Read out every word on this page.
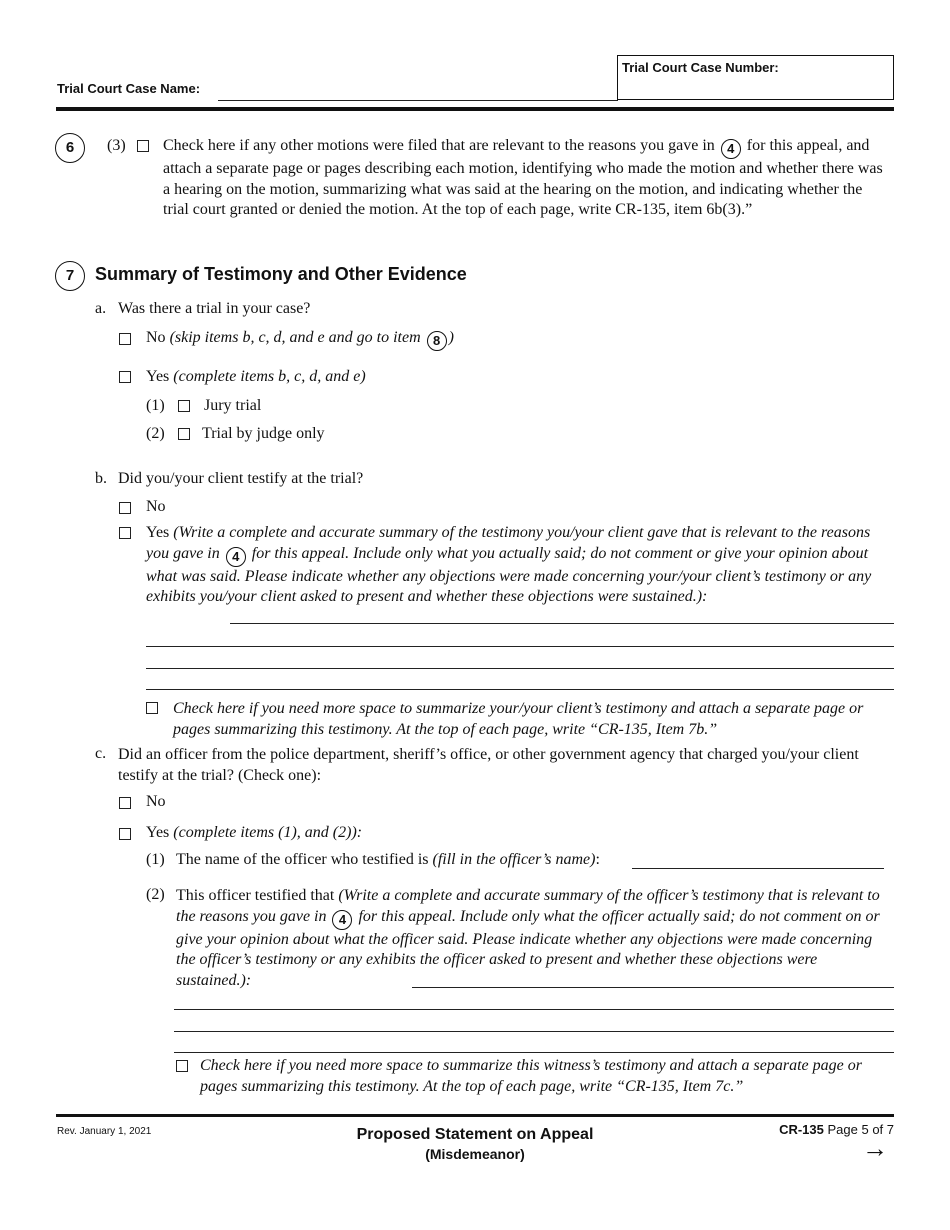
Trial Court Case Number:
Trial Court Case Name:
6	(3) Check here if any other motions were filed that are relevant to the reasons you gave in 4 for this appeal, and attach a separate page or pages describing each motion, identifying who made the motion and whether there was a hearing on the motion, summarizing what was said at the hearing on the motion, and indicating whether the trial court granted or denied the motion. At the top of each page, write CR-135, item 6b(3).”
7	Summary of Testimony and Other Evidence
a. Was there a trial in your case?
No (skip items b, c, d, and e and go to item 8 )
Yes (complete items b, c, d, and e)
(1) Jury trial
(2) Trial by judge only
b. Did you/your client testify at the trial?
No
Yes (Write a complete and accurate summary of the testimony you/your client gave that is relevant to the reasons you gave in 4 for this appeal. Include only what you actually said; do not comment or give your opinion about what was said. Please indicate whether any objections were made concerning your/your client’s testimony or any exhibits you/your client asked to present and whether these objections were sustained.):
Check here if you need more space to summarize your/your client’s testimony and attach a separate page or pages summarizing this testimony. At the top of each page, write “CR-135, Item 7b.”
c. Did an officer from the police department, sheriff’s office, or other government agency that charged you/your client testify at the trial? (Check one):
No
Yes (complete items (1), and (2)):
(1) The name of the officer who testified is (fill in the officer’s name):
(2) This officer testified that (Write a complete and accurate summary of the officer’s testimony that is relevant to the reasons you gave in 4 for this appeal. Include only what the officer actually said; do not comment on or give your opinion about what the officer said. Please indicate whether any objections were made concerning the officer’s testimony or any exhibits the officer asked to present and whether these objections were sustained.):
Check here if you need more space to summarize this witness’s testimony and attach a separate page or pages summarizing this testimony. At the top of each page, write “CR-135, Item 7c.”
Rev. January 1, 2021	Proposed Statement on Appeal
(Misdemeanor)
CR-135 Page 5 of 7
→
